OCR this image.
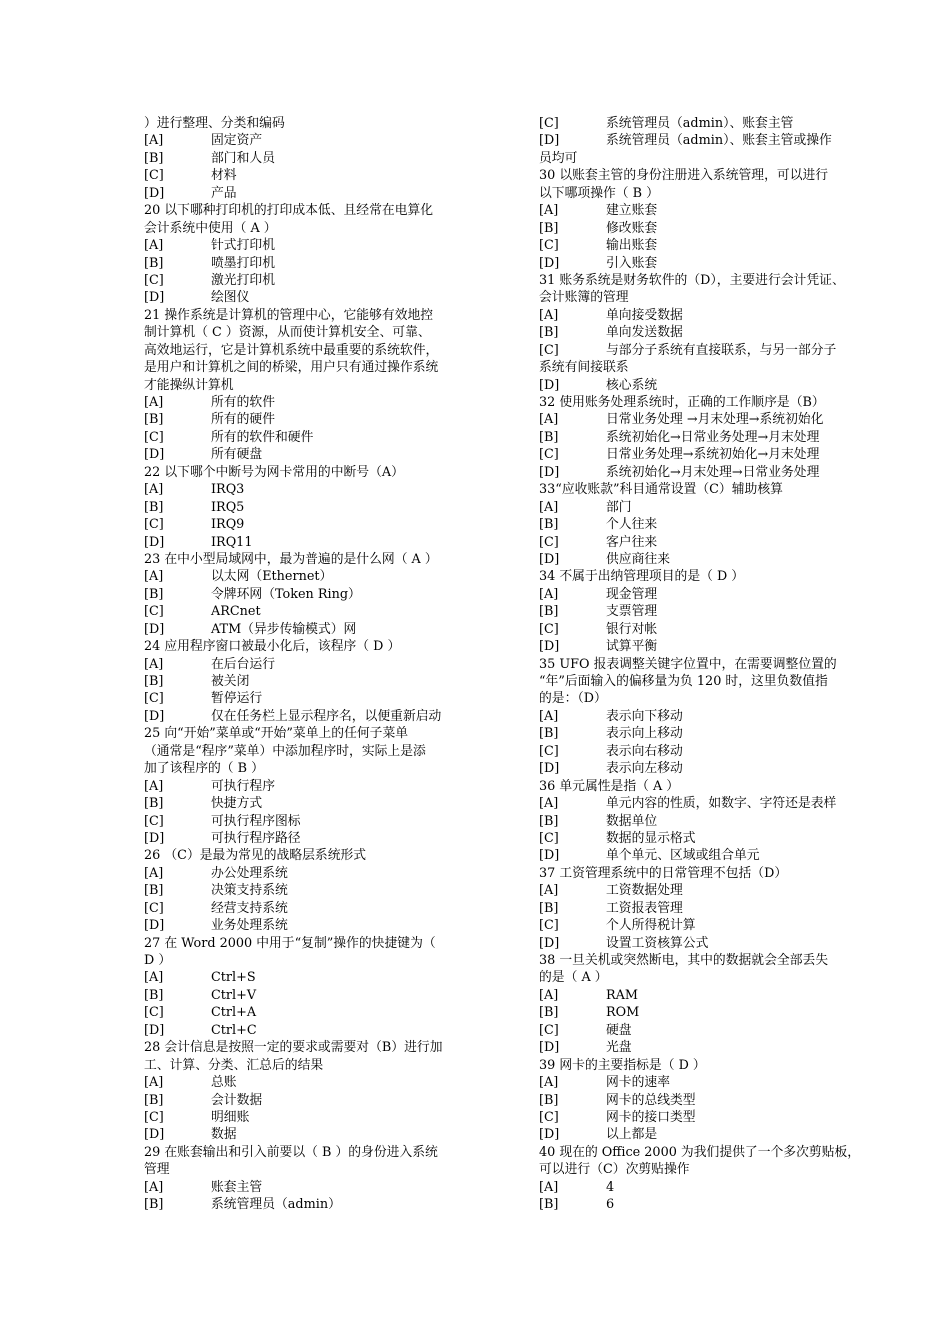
）进行整理、分类和编码
[A]	固定资产
[B]	部门和人员
[C]	材料
[D]	产品
20 以下哪种打印机的打印成本低、且经常在电算化
会计系统中使用（ A ）
[A]	针式打印机
[B]	喷墨打印机
[C]	激光打印机
[D]	绘图仪
21 操作系统是计算机的管理中心，它能够有效地控
制计算机（ C ）资源，从而使计算机安全、可靠、
高效地运行，它是计算机系统中最重要的系统软件，
是用户和计算机之间的桥梁，用户只有通过操作系统
才能操纵计算机
[A]	所有的软件
[B]	所有的硬件
[C]	所有的软件和硬件
[D]	所有硬盘
22 以下哪个中断号为网卡常用的中断号（A）
[A]	IRQ3
[B]	IRQ5
[C]	IRQ9
[D]	IRQ11
23 在中小型局域网中，最为普遍的是什么网（ A ）
[A]	以太网（Ethernet）
[B]	令牌环网（Token Ring）
[C]	ARCnet
[D]	ATM（异步传输模式）网
24 应用程序窗口被最小化后，该程序（ D ）
[A]	在后台运行
[B]	被关闭
[C]	暂停运行
[D]	仅在任务栏上显示程序名，以便重新启动
25 向“开始”菜单或“开始”菜单上的任何子菜单
（通常是“程序”菜单）中添加程序时，实际上是添
加了该程序的（ B ）
[A]	可执行程序
[B]	快捷方式
[C]	可执行程序图标
[D]	可执行程序路径
26 （C）是最为常见的战略层系统形式
[A]	办公处理系统
[B]	决策支持系统
[C]	经营支持系统
[D]	业务处理系统
27 在 Word 2000 中用于“复制”操作的快捷键为（
D ）
[A]	Ctrl+S
[B]	Ctrl+V
[C]	Ctrl+A
[D]	Ctrl+C
28 会计信息是按照一定的要求或需要对（B）进行加
工、计算、分类、汇总后的结果
[A]	总账
[B]	会计数据
[C]	明细账
[D]	数据
29 在账套输出和引入前要以（ B ）的身份进入系统
管理
[A]	账套主管
[B]	系统管理员（admin）
[C]	系统管理员（admin）、账套主管
[D]	系统管理员（admin）、账套主管或操作
员均可
30 以账套主管的身份注册进入系统管理，可以进行
以下哪项操作（ B ）
[A]	建立账套
[B]	修改账套
[C]	输出账套
[D]	引入账套
31 账务系统是财务软件的（D），主要进行会计凭证、
会计账簿的管理
[A]	单向接受数据
[B]	单向发送数据
[C]	与部分子系统有直接联系，与另一部分子
系统有间接联系
[D]	核心系统
32 使用账务处理系统时，正确的工作顺序是（B）
[A]	日常业务处理 →月末处理→系统初始化
[B]	系统初始化→日常业务处理→月末处理
[C]	日常业务处理→系统初始化→月末处理
[D]	系统初始化→月末处理→日常业务处理
33“应收账款”科目通常设置（C）辅助核算
[A]	部门
[B]	个人往来
[C]	客户往来
[D]	供应商往来
34 不属于出纳管理项目的是（ D ）
[A]	现金管理
[B]	支票管理
[C]	银行对帐
[D]	试算平衡
35 UFO 报表调整关键字位置中，在需要调整位置的
“年”后面输入的偏移量为负 120 时，这里负数值指
的是：（D）
[A]	表示向下移动
[B]	表示向上移动
[C]	表示向右移动
[D]	表示向左移动
36 单元属性是指（ A ）
[A]	单元内容的性质，如数字、字符还是表样
[B]	数据单位
[C]	数据的显示格式
[D]	单个单元、区域或组合单元
37 工资管理系统中的日常管理不包括（D）
[A]	工资数据处理
[B]	工资报表管理
[C]	个人所得税计算
[D]	设置工资核算公式
38 一旦关机或突然断电，其中的数据就会全部丢失
的是（ A ）
[A]	RAM
[B]	ROM
[C]	硬盘
[D]	光盘
39 网卡的主要指标是（ D ）
[A]	网卡的速率
[B]	网卡的总线类型
[C]	网卡的接口类型
[D]	以上都是
40 现在的 Office 2000 为我们提供了一个多次剪贴板，
可以进行（C）次剪贴操作
[A]	4
[B]	6
